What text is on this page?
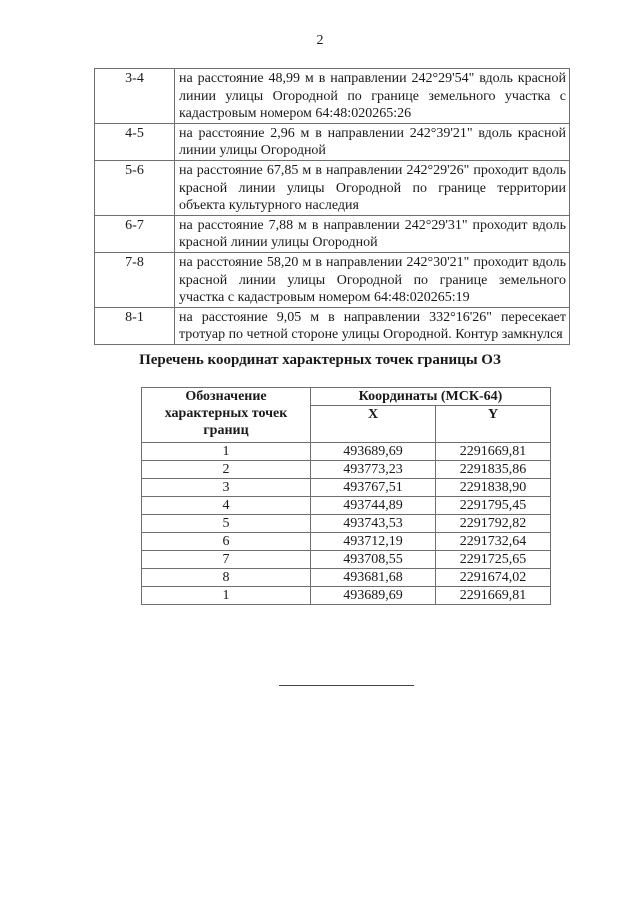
2
3-4	на расстояние 48,99 м в направлении 242°29'54" вдоль красной линии улицы Огородной по границе земельного участка с кадастровым номером 64:48:020265:26
4-5	на расстояние 2,96 м в направлении 242°39'21" вдоль красной линии улицы Огородной
5-6	на расстояние 67,85 м в направлении 242°29'26" проходит вдоль красной линии улицы Огородной по границе территории объекта культурного наследия
6-7	на расстояние 7,88 м в направлении 242°29'31" проходит вдоль красной линии улицы Огородной
7-8	на расстояние 58,20 м в направлении 242°30'21" проходит вдоль красной линии улицы Огородной по границе земельного участка с кадастровым номером 64:48:020265:19
8-1	на расстояние 9,05 м в направлении 332°16'26" пересекает тротуар по четной стороне улицы Огородной. Контур замкнулся
Перечень координат характерных точек границы ОЗ
Обозначение характерных точек границ	Координаты (МСК-64)	
	X	Y
1	493689,69	2291669,81
2	493773,23	2291835,86
3	493767,51	2291838,90
4	493744,89	2291795,45
5	493743,53	2291792,82
6	493712,19	2291732,64
7	493708,55	2291725,65
8	493681,68	2291674,02
1	493689,69	2291669,81
